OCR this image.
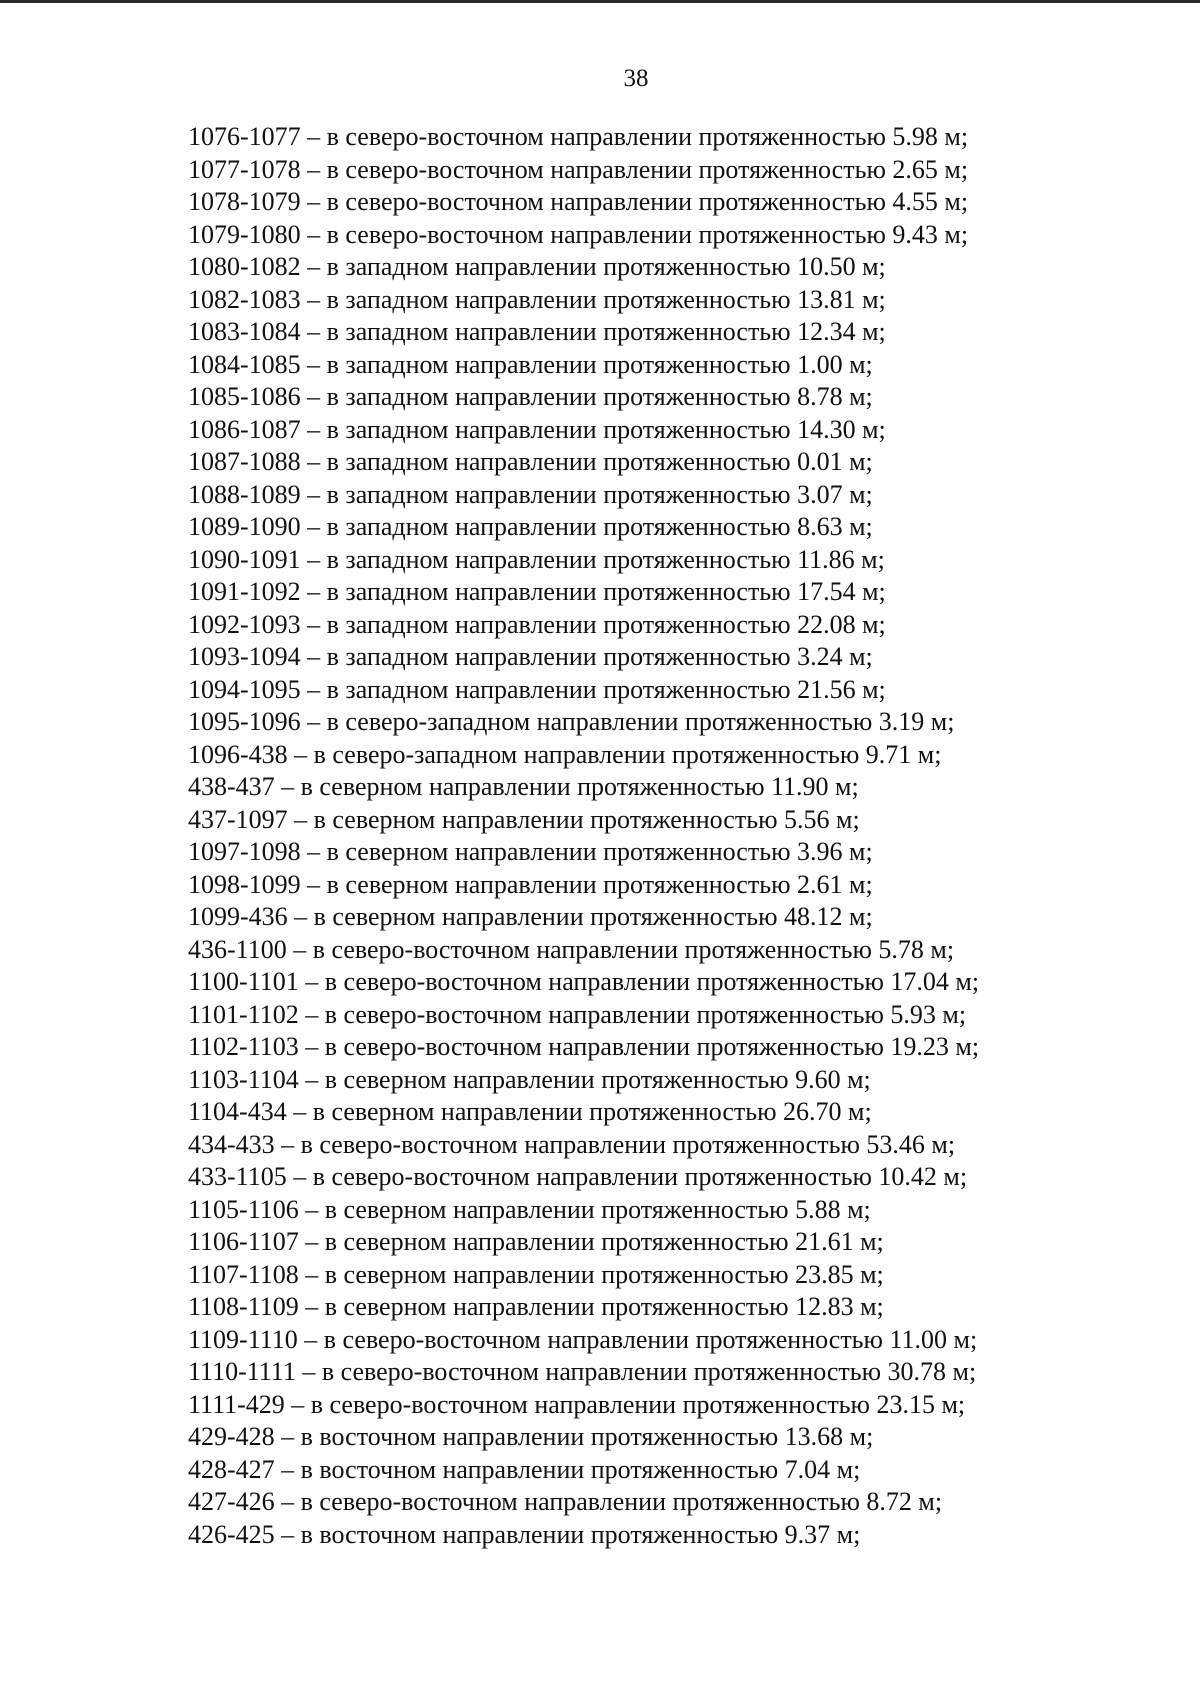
38
1076-1077 – в северо-восточном направлении протяженностью 5.98 м;
1077-1078 – в северо-восточном направлении протяженностью 2.65 м;
1078-1079 – в северо-восточном направлении протяженностью 4.55 м;
1079-1080 – в северо-восточном направлении протяженностью 9.43 м;
1080-1082 – в западном направлении протяженностью 10.50 м;
1082-1083 – в западном направлении протяженностью 13.81 м;
1083-1084 – в западном направлении протяженностью 12.34 м;
1084-1085 – в западном направлении протяженностью 1.00 м;
1085-1086 – в западном направлении протяженностью 8.78 м;
1086-1087 – в западном направлении протяженностью 14.30 м;
1087-1088 – в западном направлении протяженностью 0.01 м;
1088-1089 – в западном направлении протяженностью 3.07 м;
1089-1090 – в западном направлении протяженностью 8.63 м;
1090-1091 – в западном направлении протяженностью 11.86 м;
1091-1092 – в западном направлении протяженностью 17.54 м;
1092-1093 – в западном направлении протяженностью 22.08 м;
1093-1094 – в западном направлении протяженностью 3.24 м;
1094-1095 – в западном направлении протяженностью 21.56 м;
1095-1096 – в северо-западном направлении протяженностью 3.19 м;
1096-438 – в северо-западном направлении протяженностью 9.71 м;
438-437 – в северном направлении протяженностью 11.90 м;
437-1097 – в северном направлении протяженностью 5.56 м;
1097-1098 – в северном направлении протяженностью 3.96 м;
1098-1099 – в северном направлении протяженностью 2.61 м;
1099-436 – в северном направлении протяженностью 48.12 м;
436-1100 – в северо-восточном направлении протяженностью 5.78 м;
1100-1101 – в северо-восточном направлении протяженностью 17.04 м;
1101-1102 – в северо-восточном направлении протяженностью 5.93 м;
1102-1103 – в северо-восточном направлении протяженностью 19.23 м;
1103-1104 – в северном направлении протяженностью 9.60 м;
1104-434 – в северном направлении протяженностью 26.70 м;
434-433 – в северо-восточном направлении протяженностью 53.46 м;
433-1105 – в северо-восточном направлении протяженностью 10.42 м;
1105-1106 – в северном направлении протяженностью 5.88 м;
1106-1107 – в северном направлении протяженностью 21.61 м;
1107-1108 – в северном направлении протяженностью 23.85 м;
1108-1109 – в северном направлении протяженностью 12.83 м;
1109-1110 – в северо-восточном направлении протяженностью 11.00 м;
1110-1111 – в северо-восточном направлении протяженностью 30.78 м;
1111-429 – в северо-восточном направлении протяженностью 23.15 м;
429-428 – в восточном направлении протяженностью 13.68 м;
428-427 – в восточном направлении протяженностью 7.04 м;
427-426 – в северо-восточном направлении протяженностью 8.72 м;
426-425 – в восточном направлении протяженностью 9.37 м;
